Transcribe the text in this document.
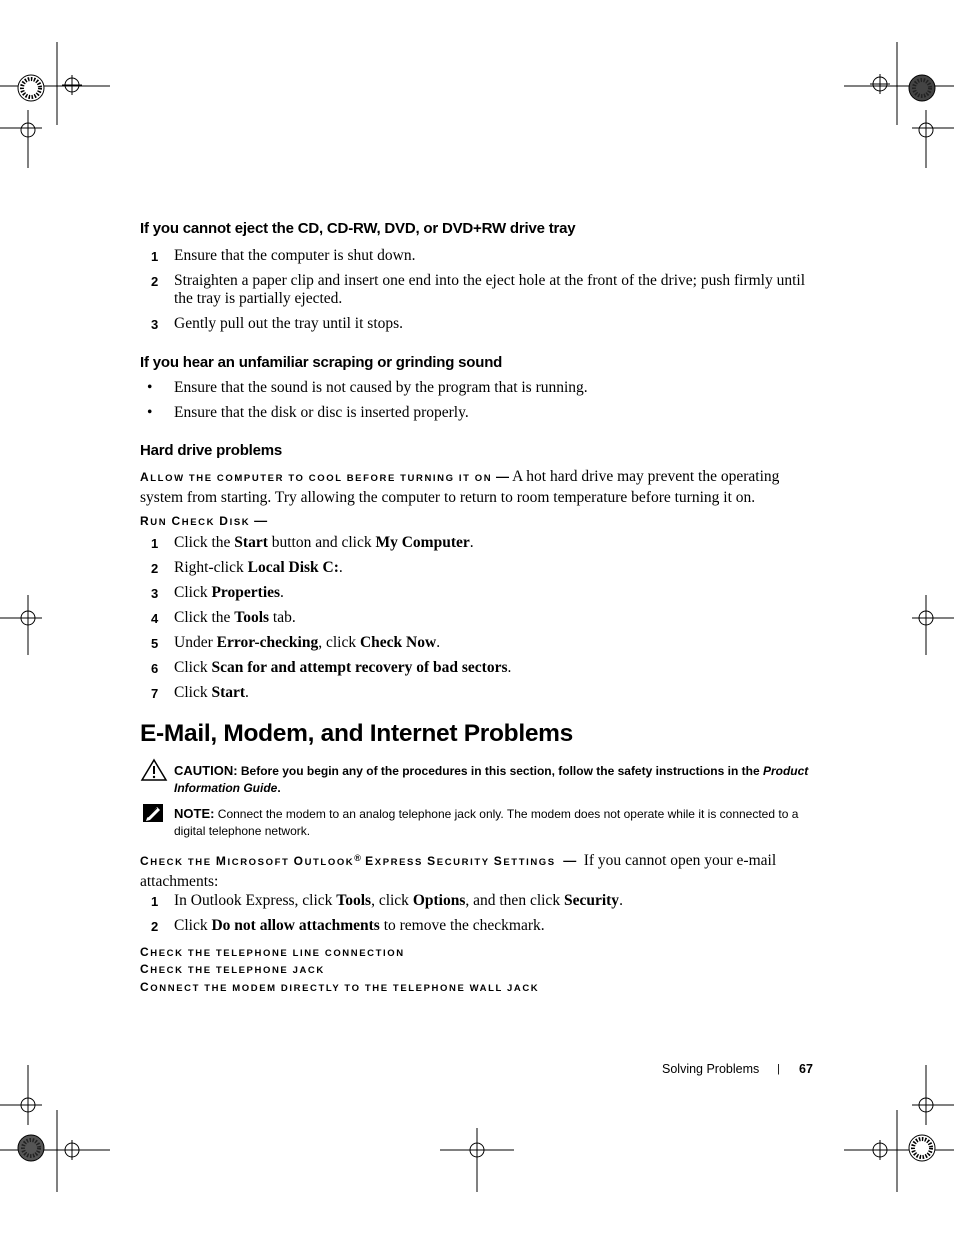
If you cannot eject the CD, CD-RW, DVD, or DVD+RW drive tray
1 Ensure that the computer is shut down.
2 Straighten a paper clip and insert one end into the eject hole at the front of the drive; push firmly until the tray is partially ejected.
3 Gently pull out the tray until it stops.
If you hear an unfamiliar scraping or grinding sound
• Ensure that the sound is not caused by the program that is running.
• Ensure that the disk or disc is inserted properly.
Hard drive problems
ALLOW THE COMPUTER TO COOL BEFORE TURNING IT ON — A hot hard drive may prevent the operating system from starting. Try allowing the computer to return to room temperature before turning it on.
RUN CHECK DISK —
1 Click the Start button and click My Computer.
2 Right-click Local Disk C:.
3 Click Properties.
4 Click the Tools tab.
5 Under Error-checking, click Check Now.
6 Click Scan for and attempt recovery of bad sectors.
7 Click Start.
E-Mail, Modem, and Internet Problems
CAUTION: Before you begin any of the procedures in this section, follow the safety instructions in the Product Information Guide.
NOTE: Connect the modem to an analog telephone jack only. The modem does not operate while it is connected to a digital telephone network.
CHECK THE MICROSOFT OUTLOOK® EXPRESS SECURITY SETTINGS — If you cannot open your e-mail attachments:
1 In Outlook Express, click Tools, click Options, and then click Security.
2 Click Do not allow attachments to remove the checkmark.
CHECK THE TELEPHONE LINE CONNECTION
CHECK THE TELEPHONE JACK
CONNECT THE MODEM DIRECTLY TO THE TELEPHONE WALL JACK
Solving Problems | 67
